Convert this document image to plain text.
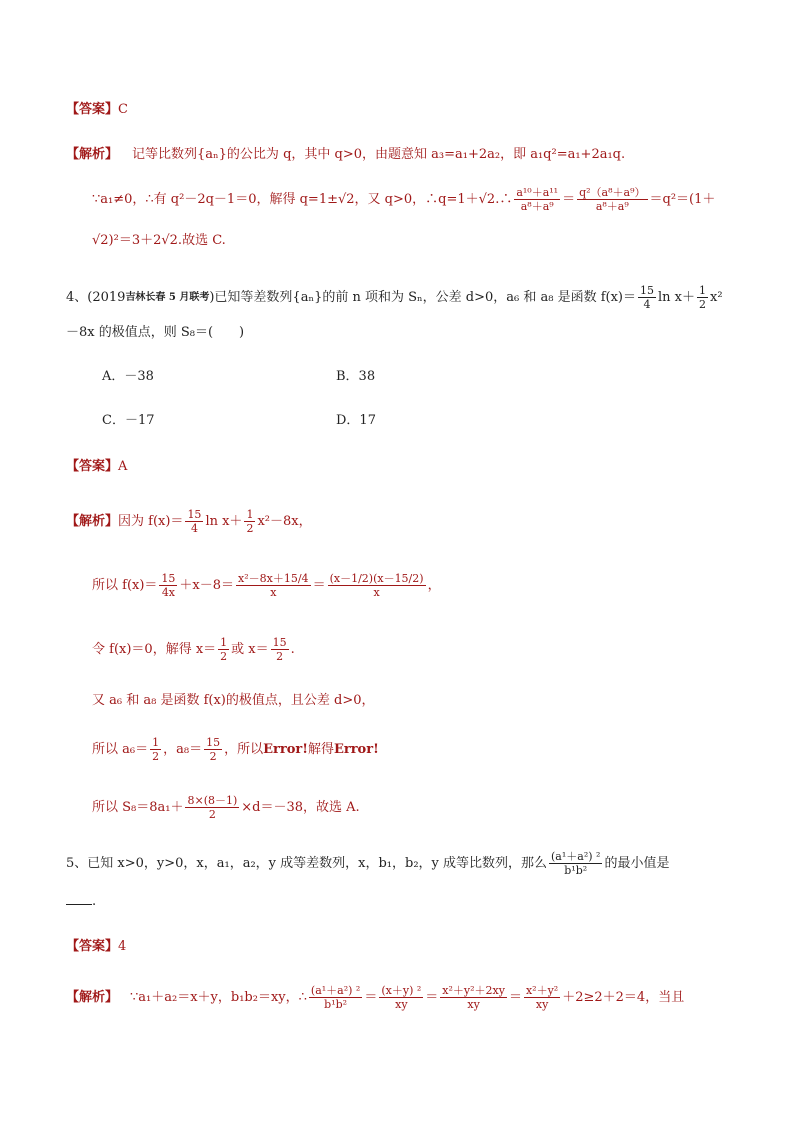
【答案】C
【解析】 记等比数列{aₙ}的公比为 q，其中 q>0，由题意知 a₃=a₁+2a₂，即 a₁q²=a₁+2a₁q.
∵a₁≠0，∴有 q²－2q－1＝0，解得 q=1±√2，又 q>0，∴q=1＋√2.∴ $\frac{\text{a¹⁰＋a¹¹}}{\text{a⁸＋a⁹}} = \frac{\text{q²（a⁸＋a⁹）}}{\text{a⁸＋a⁹}} =q^2=(1+$
√2)²＝3＋2√2.故选 C.
4、(2019 吉林长春 5 月联考 )已知等差数列{aₙ}的前 n 项和为 Sₙ，公差 d>0，a₆ 和 a₈ 是函数 $f(x)= \frac{15}{4}$ $\ln x+ \frac{1}{2} x^2$
－8x 的极值点，则 S₈＝(　　)
A．－38	B．38
C．－17	D．17
【答案】A
【解析】 因为 $f(x)= \frac{15}{4}$ $\ln x+ \frac{1}{2} x^2-8x$，
所以 $f(x)= \frac{15}{4x} +x-8= \frac{\text{x²－8x＋15/4}}{x} = \frac{(x-1/2)(x-15/2)}{x}$ ，
令 f(x)＝0，解得 $x= \frac{1}{2}$ 或 $x= \frac{15}{2}$ .
又 a₆ 和 a₈ 是函数 f(x)的极值点，且公差 d>0，
所以 $a_6= \frac{1}{2}$ ，$a_8= \frac{15}{2}$ ，所以 Error! 解得 Error!
所以 $S_8=8a_1+ \frac{8\times(8-1)}{2} \times d=-38$，故选 A.
5、已知 x>0，y>0，x，a₁，a₂，y 成等差数列，x，b₁，b₂，y 成等比数列，那么 $\frac{\text{(a¹＋a²) ²}}{\text{b¹b²}}$ 的最小值是
.
【答案】4
【解析】 ∵a₁＋a₂＝x＋y，b₁b₂＝xy，∴ $\frac{\text{(a¹＋a²) ²}}{\text{b¹b²}} = \frac{\text{(x＋y) ²}}{xy} = \frac{\text{x²＋y²＋2xy}}{xy} = \frac{\text{x²＋y²}}{xy} +2\ge 2+2=4$，当且
